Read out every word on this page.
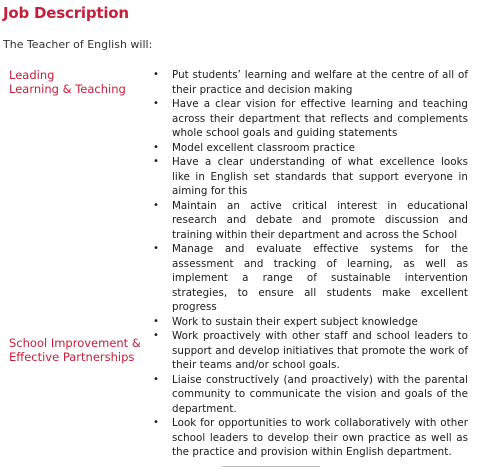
Job Description

The Teacher of English will:

Leading
Learning & Teaching
• Put students’ learning and welfare at the centre of all of their practice and decision making
• Have a clear vision for effective learning and teaching across their department that reflects and complements whole school goals and guiding statements
• Model excellent classroom practice
• Have a clear understanding of what excellence looks like in English set standards that support everyone in aiming for this
• Maintain an active critical interest in educational research and debate and promote discussion and training within their department and across the School
• Manage and evaluate effective systems for the assessment and tracking of learning, as well as implement a range of sustainable intervention strategies, to ensure all students make excellent progress
• Work to sustain their expert subject knowledge
School Improvement &
Effective Partnerships
• Work proactively with other staff and school leaders to support and develop initiatives that promote the work of their teams and/or school goals.
• Liaise constructively (and proactively) with the parental community to communicate the vision and goals of the department.
• Look for opportunities to work collaboratively with other school leaders to develop their own practice as well as the practice and provision within English department.
